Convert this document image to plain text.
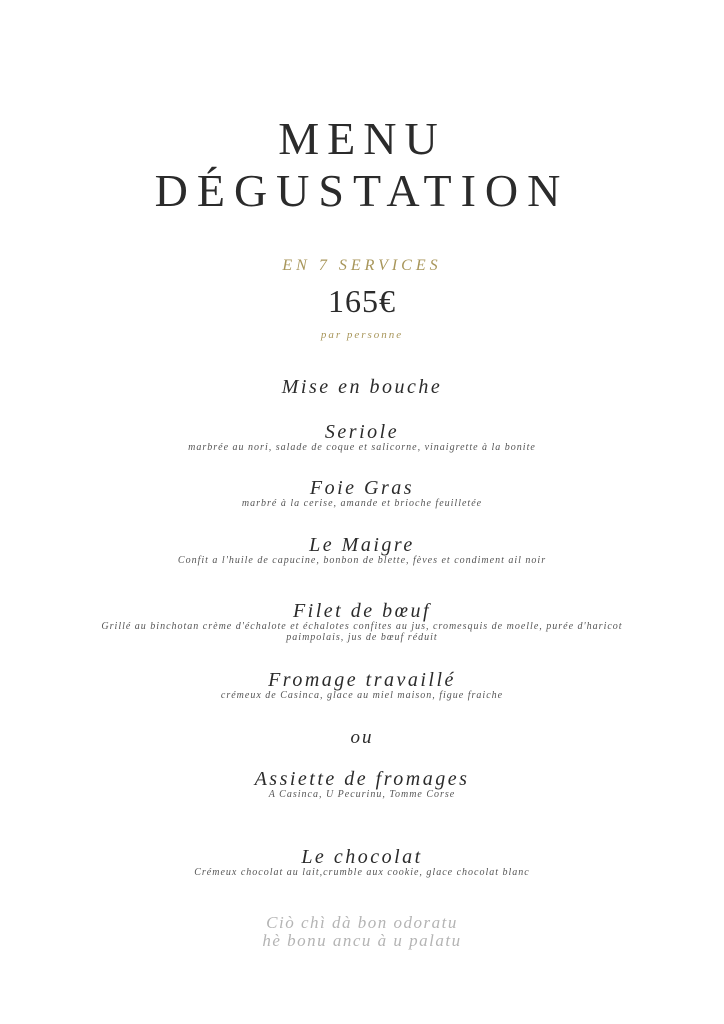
MENU
DÉGUSTATION
EN 7 SERVICES
165€
par personne
Mise en bouche
Seriole
marbrée au nori, salade de coque et salicorne, vinaigrette à la bonite
Foie Gras
marbré à la cerise, amande et brioche feuilletée
Le Maigre
Confit a l'huile de capucine, bonbon de blette, fèves et condiment ail noir
Filet de bœuf
Grillé au binchotan crème d'échalote et échalotes confites au jus, cromesquis de moelle, purée d'haricot paimpolais, jus de bœuf réduit
Fromage travaillé
crémeux de Casinca, glace au miel maison, figue fraiche
ou
Assiette de fromages
A Casinca, U Pecurinu, Tomme Corse
Le chocolat
Crémeux chocolat au lait,crumble aux cookie, glace chocolat blanc
Ciò chì dà bon odoratu
hè bonu ancu à u palatu
